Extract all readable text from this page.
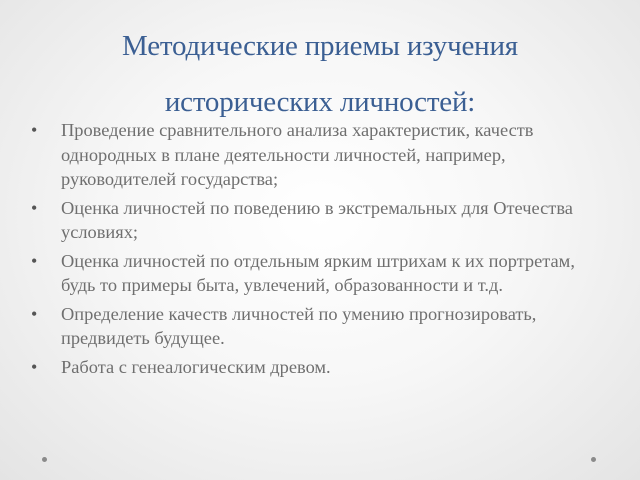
Методические приемы изучения исторических личностей:
• Проведение сравнительного анализа характеристик, качеств однородных в плане деятельности личностей, например, руководителей государства;
• Оценка личностей по поведению в экстремальных для Отечества условиях;
• Оценка личностей по отдельным ярким штрихам к их портретам, будь то примеры быта, увлечений, образованности и т.д.
• Определение качеств личностей по умению прогнозировать, предвидеть будущее.
• Работа с генеалогическим древом.
